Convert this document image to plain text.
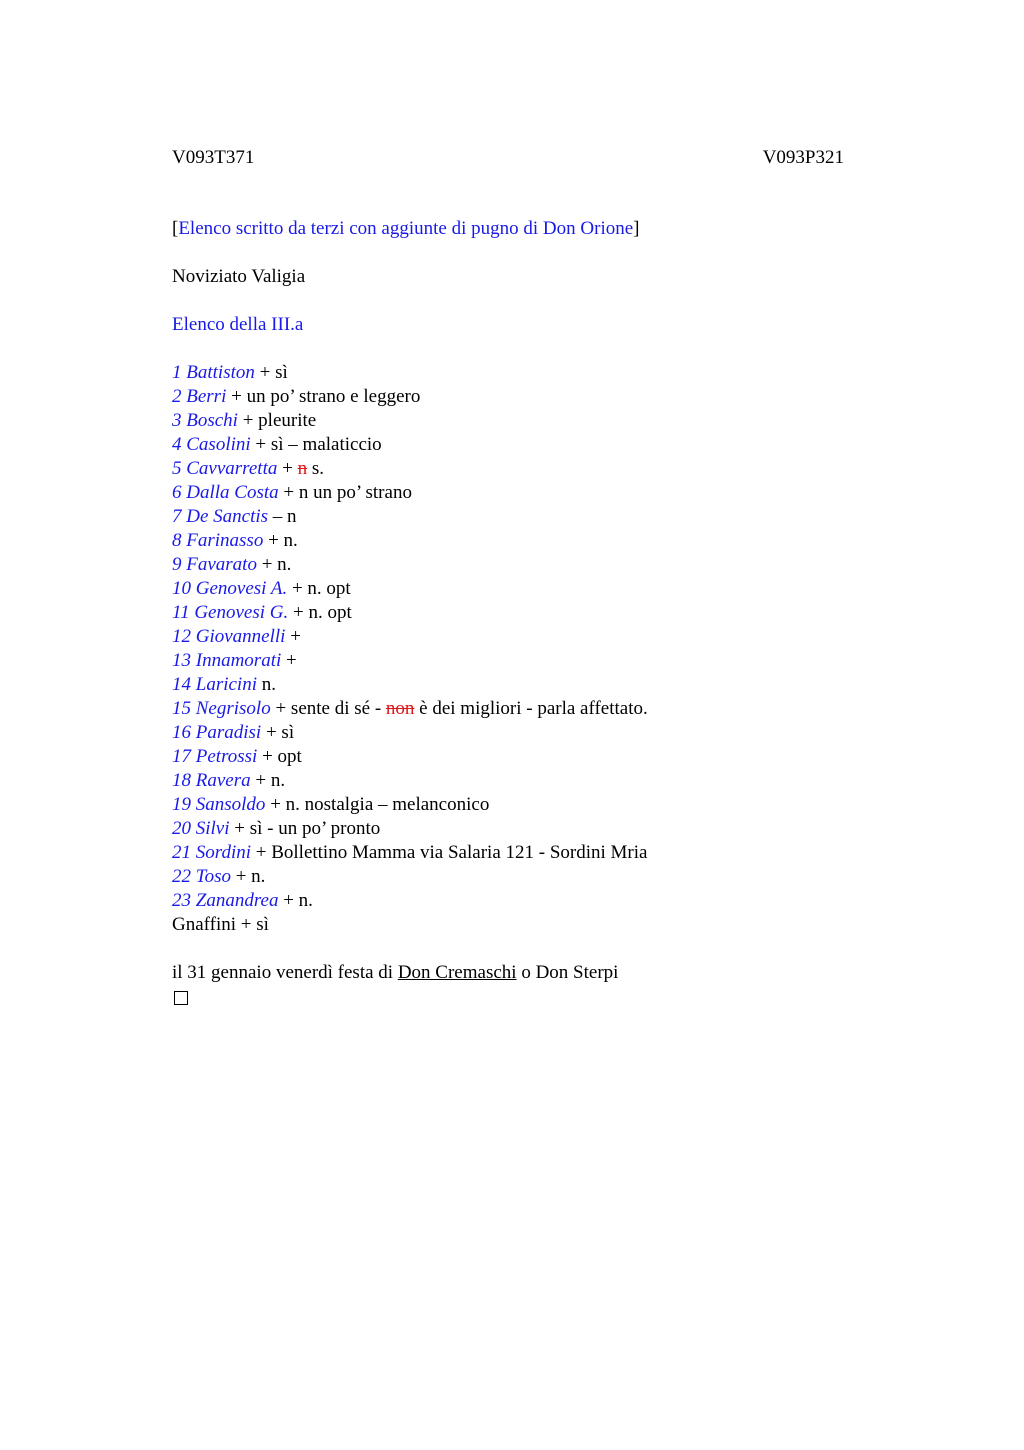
V093T371	V093P321
[Elenco scritto da terzi con aggiunte di pugno di Don Orione]
Noviziato Valigia
Elenco della III.a
1 Battiston + sì
2 Berri + un po’ strano e leggero
3 Boschi + pleurite
4 Casolini + sì – malaticcio
5 Cavvarretta + n s.
6 Dalla Costa + n un po’ strano
7 De Sanctis – n
8 Farinasso + n.
9 Favarato + n.
10 Genovesi A. + n. opt
11 Genovesi G. + n. opt
12 Giovannelli +
13 Innamorati +
14 Laricini n.
15 Negrisolo + sente di sé - non è dei migliori - parla affettato.
16 Paradisi + sì
17 Petrossi + opt
18 Ravera + n.
19 Sansoldo + n. nostalgia – melanconico
20 Silvi + sì - un po’ pronto
21 Sordini + Bollettino Mamma via Salaria 121 - Sordini Mria
22 Toso + n.
23 Zanandrea + n.
Gnaffini + sì
il 31 gennaio venerdì festa di Don Cremaschi o Don Sterpi
